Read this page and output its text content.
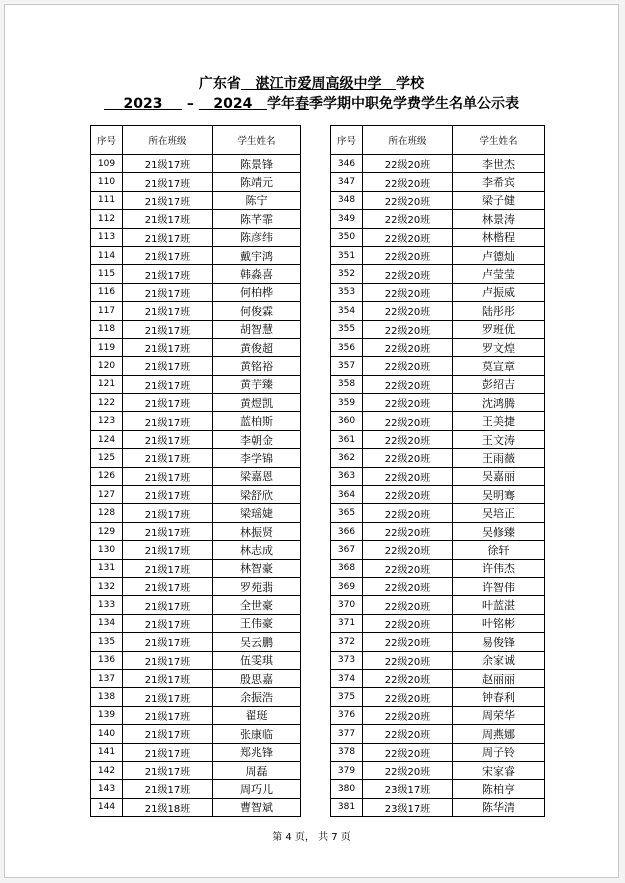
广东省 湛江市爱周高级中学 学校
2023 – 2024 学年春季学期中职免学费学生名单公示表
序号	所在班级	学生姓名
109	21级17班	陈景锋
110	21级17班	陈靖元
111	21级17班	陈宁
112	21级17班	陈芊霏
113	21级17班	陈彦纬
114	21级17班	戴宇鸿
115	21级17班	韩淼喜
116	21级17班	何柏桦
117	21级17班	何俊霖
118	21级17班	胡智慧
119	21级17班	黄俊超
120	21级17班	黄铭裕
121	21级17班	黄芋臻
122	21级17班	黄煜凯
123	21级17班	蓝柏斯
124	21级17班	李朝金
125	21级17班	李学锦
126	21级17班	梁嘉恩
127	21级17班	梁舒欣
128	21级17班	梁瑶婕
129	21级17班	林振贤
130	21级17班	林志成
131	21级17班	林智豪
132	21级17班	罗苑翡
133	21级17班	全世豪
134	21级17班	王伟豪
135	21级17班	吴云鹏
136	21级17班	伍雯琪
137	21级17班	殷思嘉
138	21级17班	余振浩
139	21级17班	翟珽
140	21级17班	张康临
141	21级17班	郑兆锋
142	21级17班	周磊
143	21级17班	周巧儿
144	21级18班	曹智斌
序号	所在班级	学生姓名
346	22级20班	李世杰
347	22级20班	李希宾
348	22级20班	梁子健
349	22级20班	林景涛
350	22级20班	林楷程
351	22级20班	卢德灿
352	22级20班	卢莹莹
353	22级20班	卢振威
354	22级20班	陆彤彤
355	22级20班	罗班优
356	22级20班	罗文煌
357	22级20班	莫宣章
358	22级20班	彭绍吉
359	22级20班	沈鸿腾
360	22级20班	王美捷
361	22级20班	王文涛
362	22级20班	王雨薇
363	22级20班	吴嘉丽
364	22级20班	吴明骞
365	22级20班	吴培正
366	22级20班	吴修臻
367	22级20班	徐轩
368	22级20班	许伟杰
369	22级20班	许智伟
370	22级20班	叶蓝湛
371	22级20班	叶铭彬
372	22级20班	易俊锋
373	22级20班	余家诚
374	22级20班	赵丽丽
375	22级20班	钟春利
376	22级20班	周荣华
377	22级20班	周燕娜
378	22级20班	周子铃
379	22级20班	宋家睿
380	23级17班	陈柏亨
381	23级17班	陈华清
第 4 页， 共 7 页
